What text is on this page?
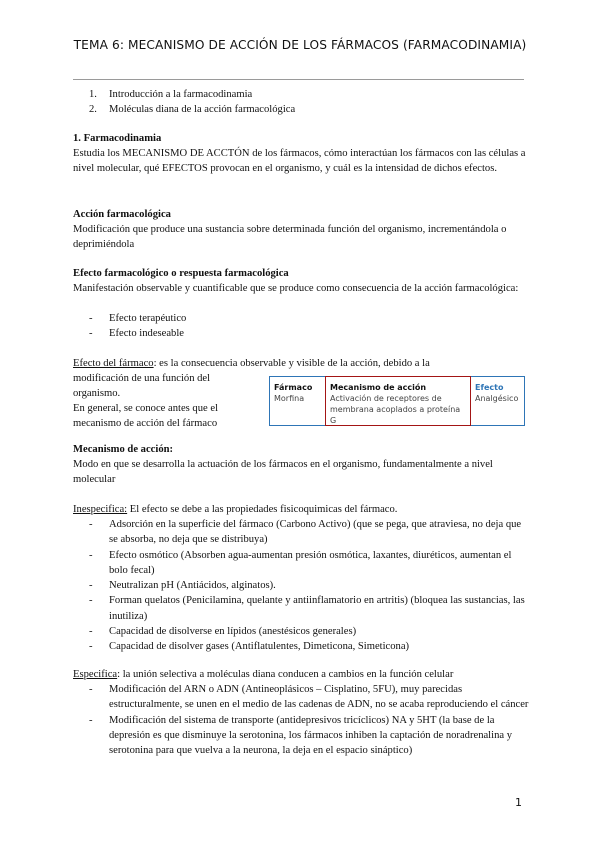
TEMA 6: MECANISMO DE ACCIÓN DE LOS FÁRMACOS (FARMACODINAMIA)
1.	Introducción a la farmacodinamia
2.	Moléculas diana de la acción farmacológica
1. Farmacodinamia
Estudia los MECANISMO DE ACCTÓN de los fármacos, cómo interactúan los fármacos con las células a nivel molecular, qué EFECTOS provocan en el organismo, y cuál es la intensidad de dichos efectos.
Acción farmacológica
Modificación que produce una sustancia sobre determinada función del organismo, incrementándola o deprimiéndola
Efecto farmacológico o respuesta farmacológica
Manifestación observable y cuantificable que se produce como consecuencia de la acción farmacológica:
- Efecto terapéutico
- Efecto indeseable
Efecto del fármaco: es la consecuencia observable y visible de la acción, debido a la
modificación de una función del organismo.
En general, se conoce antes que el mecanismo de acción del fármaco
Fármaco
Morfina
Mecanismo de acción
Activación de receptores de membrana acoplados a proteína G
Efecto
Analgésico
Mecanismo de acción:
Modo en que se desarrolla la actuación de los fármacos en el organismo, fundamentalmente a nivel molecular
Inespecifica: El efecto se debe a las propiedades fisicoquimicas del fármaco.
- Adsorción en la superficie del fármaco (Carbono Activo) (que se pega, que atraviesa, no deja que se absorba, no deja que se distribuya)
- Efecto osmótico (Absorben agua-aumentan presión osmótica, laxantes, diuréticos, aumentan el bolo fecal)
- Neutralizan pH (Antiácidos, alginatos).
- Forman quelatos (Penicilamina, quelante y antiinflamatorio en artritis) (bloquea las sustancias, las inutiliza)
- Capacidad de disolverse en lípidos (anestésicos generales)
- Capacidad de disolver gases (Antiflatulentes, Dimeticona, Simeticona)
Especifica: la unión selectiva a moléculas diana conducen a cambios en la función celular
- Modificación del ARN o ADN (Antineoplásicos – Cisplatino, 5FU), muy parecidas estructuralmente, se unen en el medio de las cadenas de ADN, no se acaba reproduciendo el cáncer
- Modificación del sistema de transporte (antidepresivos tricíclicos) NA y 5HT (la base de la depresión es que disminuye la serotonina, los fármacos inhiben la captación de noradrenalina y serotonina para que vuelva a la neurona, la deja en el espacio sináptico)
1
